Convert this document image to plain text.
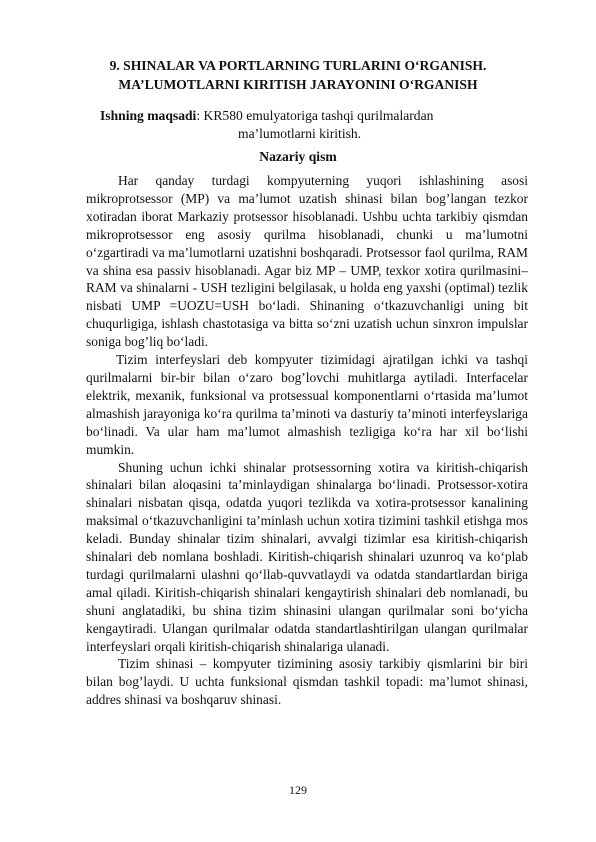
9. SHINALAR VA PORTLARNING TURLARINI O‘RGANISH. MA’LUMOTLARNI KIRITISH JARAYONINI O‘RGANISH
Ishning maqsadi: KR580 emulyatoriga tashqi qurilmalardan
ma’lumotlarni kiritish.
Nazariy qism

Har qanday turdagi kompyuterning yuqori ishlashining asosi mikroprotsessor (MP) va ma’lumot uzatish shinasi bilan bog’langan tezkor xotiradan iborat Markaziy protsessor hisoblanadi. Ushbu uchta tarkibiy qismdan mikroprotsessor eng asosiy qurilma hisoblanadi, chunki u ma’lumotni o‘zgartiradi va ma’lumotlarni uzatishni boshqaradi. Protsessor faol qurilma, RAM va shina esa passiv hisoblanadi. Agar biz MP – UMP, texkor xotira qurilmasini– RAM va shinalarni - USH tezligini belgilasak, u holda eng yaxshi (optimal) tezlik nisbati UMP =UOZU=USH bo‘ladi. Shinaning o‘tkazuvchanligi uning bit chuqurligiga, ishlash chastotasiga va bitta so‘zni uzatish uchun sinxron impulslar soniga bog’liq bo‘ladi.

Tizim interfeyslari deb kompyuter tizimidagi ajratilgan ichki va tashqi qurilmalarni bir-bir bilan o‘zaro bog’lovchi muhitlarga aytiladi. Interfacelar elektrik, mexanik, funksional va protsessual komponentlarni o‘rtasida ma’lumot almashish jarayoniga ko‘ra qurilma ta’minoti va dasturiy ta’minoti interfeyslariga bo‘linadi. Va ular ham ma’lumot almashish tezligiga ko‘ra har xil bo‘lishi mumkin.

Shuning uchun ichki shinalar protsessorning xotira va kiritish-chiqarish shinalari bilan aloqasini ta’minlaydigan shinalarga bo‘linadi. Protsessor-xotira shinalari nisbatan qisqa, odatda yuqori tezlikda va xotira-protsessor kanalining maksimal o‘tkazuvchanligini ta’minlash uchun xotira tizimini tashkil etishga mos keladi. Bunday shinalar tizim shinalari, avvalgi tizimlar esa kiritish-chiqarish shinalari deb nomlana boshladi. Kiritish-chiqarish shinalari uzunroq va ko‘plab turdagi qurilmalarni ulashni qo‘llab-quvvatlaydi va odatda standartlardan biriga amal qiladi. Kiritish-chiqarish shinalari kengaytirish shinalari deb nomlanadi, bu shuni anglatadiki, bu shina tizim shinasini ulangan qurilmalar soni bo‘yicha kengaytiradi. Ulangan qurilmalar odatda standartlashtirilgan ulangan qurilmalar interfeyslari orqali kiritish-chiqarish shinalariga ulanadi.

Tizim shinasi – kompyuter tizimining asosiy tarkibiy qismlarini bir biri bilan bog’laydi. U uchta funksional qismdan tashkil topadi: ma’lumot shinasi, addres shinasi va boshqaruv shinasi.

129
